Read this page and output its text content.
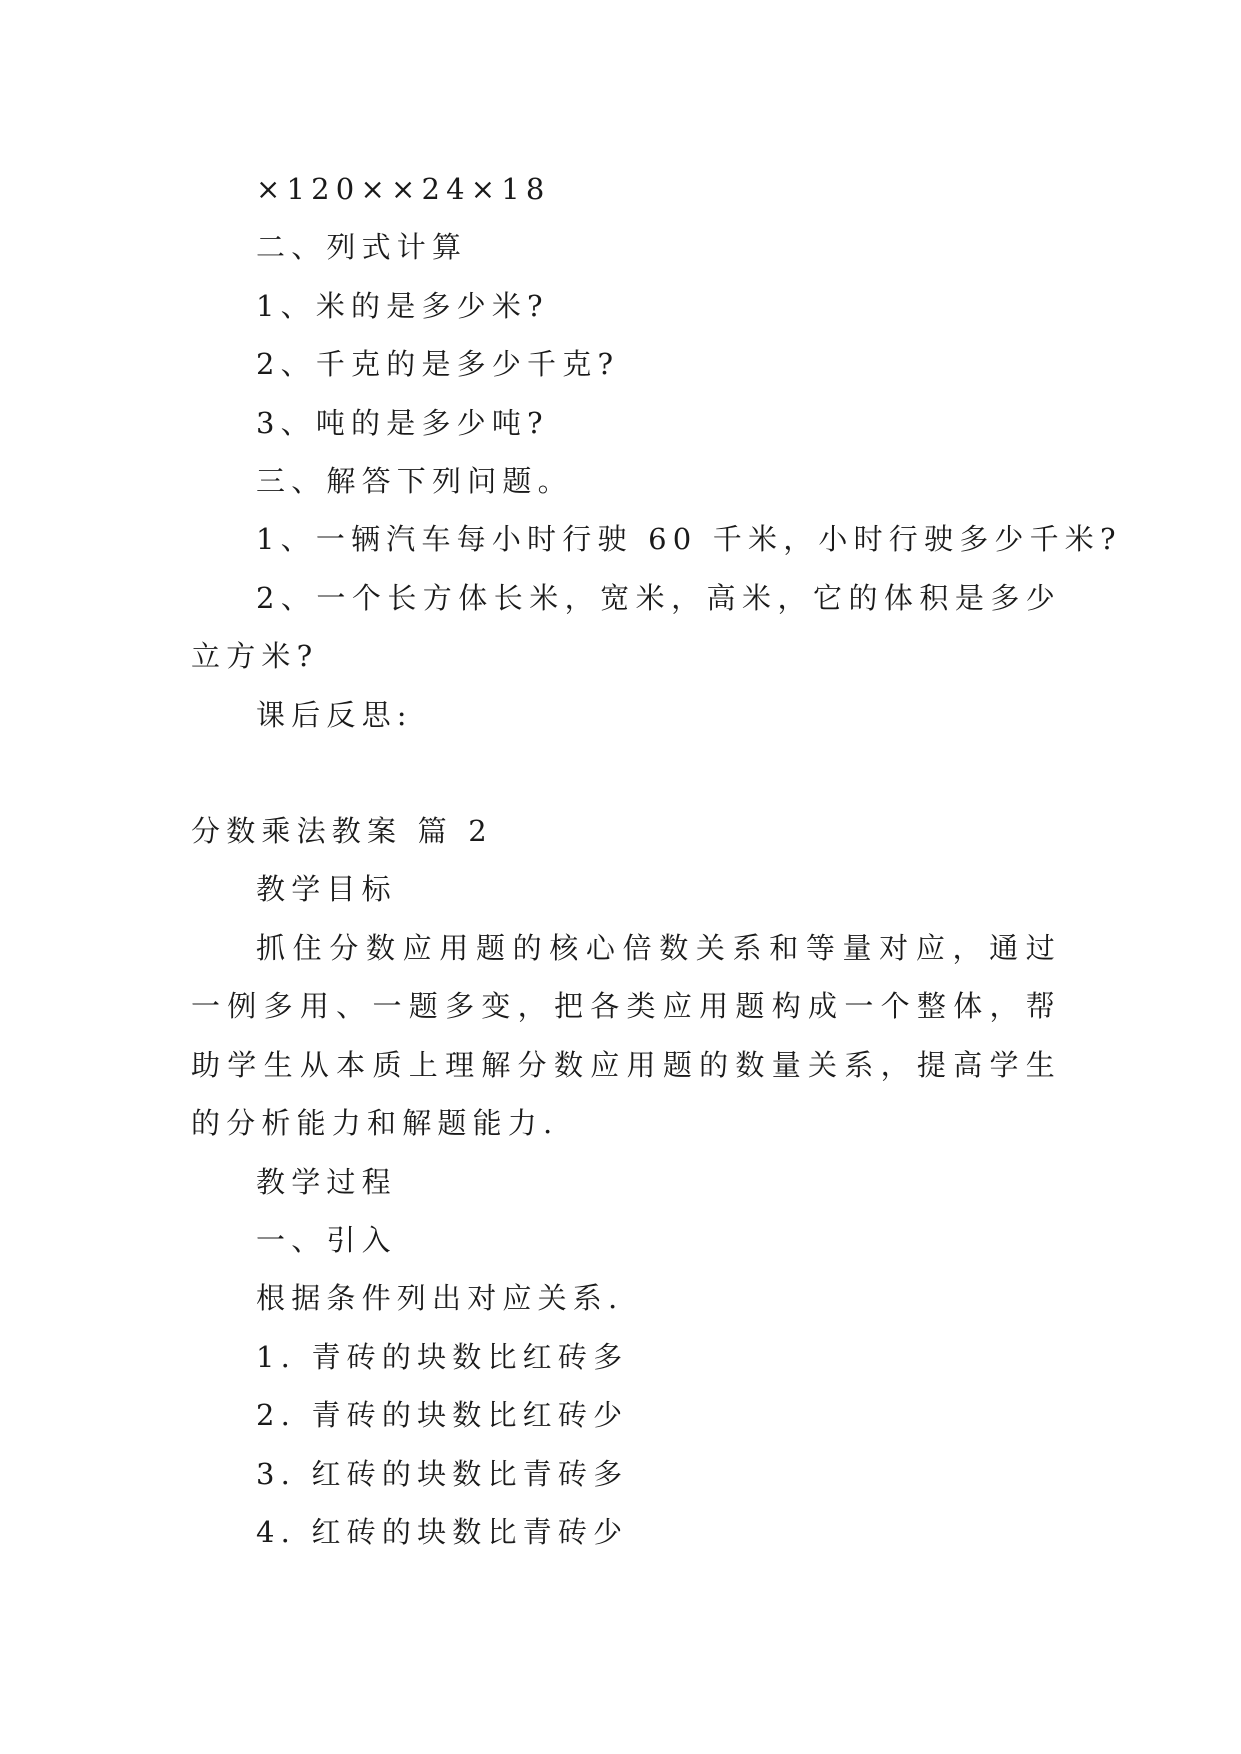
×120××24×18

二、列式计算

1、米的是多少米?

2、千克的是多少千克?

3、吨的是多少吨?

三、解答下列问题。

1、一辆汽车每小时行驶 60 千米，小时行驶多少千米?

2、一个长方体长米，宽米，高米，它的体积是多少立方米?

课后反思:

分数乘法教案 篇 2

教学目标

抓住分数应用题的核心倍数关系和等量对应，通过一例多用、一题多变，把各类应用题构成一个整体，帮助学生从本质上理解分数应用题的数量关系，提高学生的分析能力和解题能力.

教学过程

一、引入

根据条件列出对应关系.

1. 青砖的块数比红砖多

2. 青砖的块数比红砖少

3. 红砖的块数比青砖多

4. 红砖的块数比青砖少
